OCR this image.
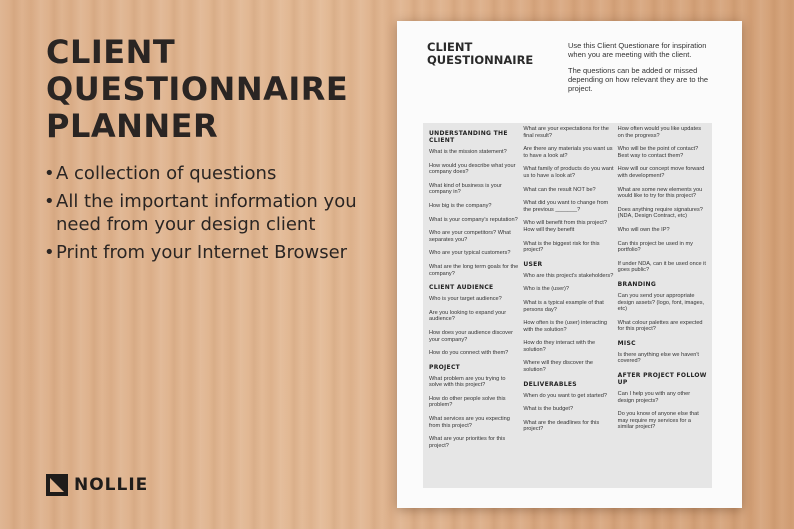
CLIENT
QUESTIONNAIRE
PLANNER
• A collection of questions
• All the important information you need from your design client
• Print from your Internet Browser
NOLLIE
CLIENT
QUESTIONNAIRE

Use this Client Questionare for inspiration when you are meeting with the client.

The questions can be added or missed depending on how relevant they are to the project.

UNDERSTANDING THE CLIENT
What is the mission statement?
How would you describe what your company does?
What kind of business is your company in?
How big is the company?
What is your company's reputation?
Who are your competitors? What separates you?
Who are your typical customers?
What are the long term goals for the company?
CLIENT AUDIENCE
Who is your target audience?
Are you looking to expand your audience?
How does your audience discover your company?
How do you connect with them?
PROJECT
What problem are you trying to solve with this project?
How do other people solve this problem?
What services are you expecting from this project?
What are your priorities for this project?
What are your expectations for the final result?
Are there any materials you want us to have a look at?
What family of products do you want us to have a look at?
What can the result NOT be?
What did you want to change from the previous _______?
Who will benefit from this project? How will they benefit
What is the biggest risk for this project?
USER
Who are this project's stakeholders?
Who is the (user)?
What is a typical example of that persons day?
How often is the (user) interacting with the solution?
How do they interact with the solution?
Where will they discover the solution?
DELIVERABLES
When do you want to get started?
What is the budget?
What are the deadlines for this project?
How often would you like updates on the progress?
Who will be the point of contact? Best way to contact them?
How will our concept move forward with development?
What are some new elements you would like to try for this project?
Does anything require signatures? (NDA, Design Contract, etc)
Who will own the IP?
Can this project be used in my portfolio?
If under NDA, can it be used once it goes public?
BRANDING
Can you send your appropriate design assets? (logo, font, images, etc)
What colour palettes are expected for this project?
MISC
Is there anything else we haven't covered?
AFTER PROJECT FOLLOW UP
Can I help you with any other design projects?
Do you know of anyone else that may require my services for a similar project?
